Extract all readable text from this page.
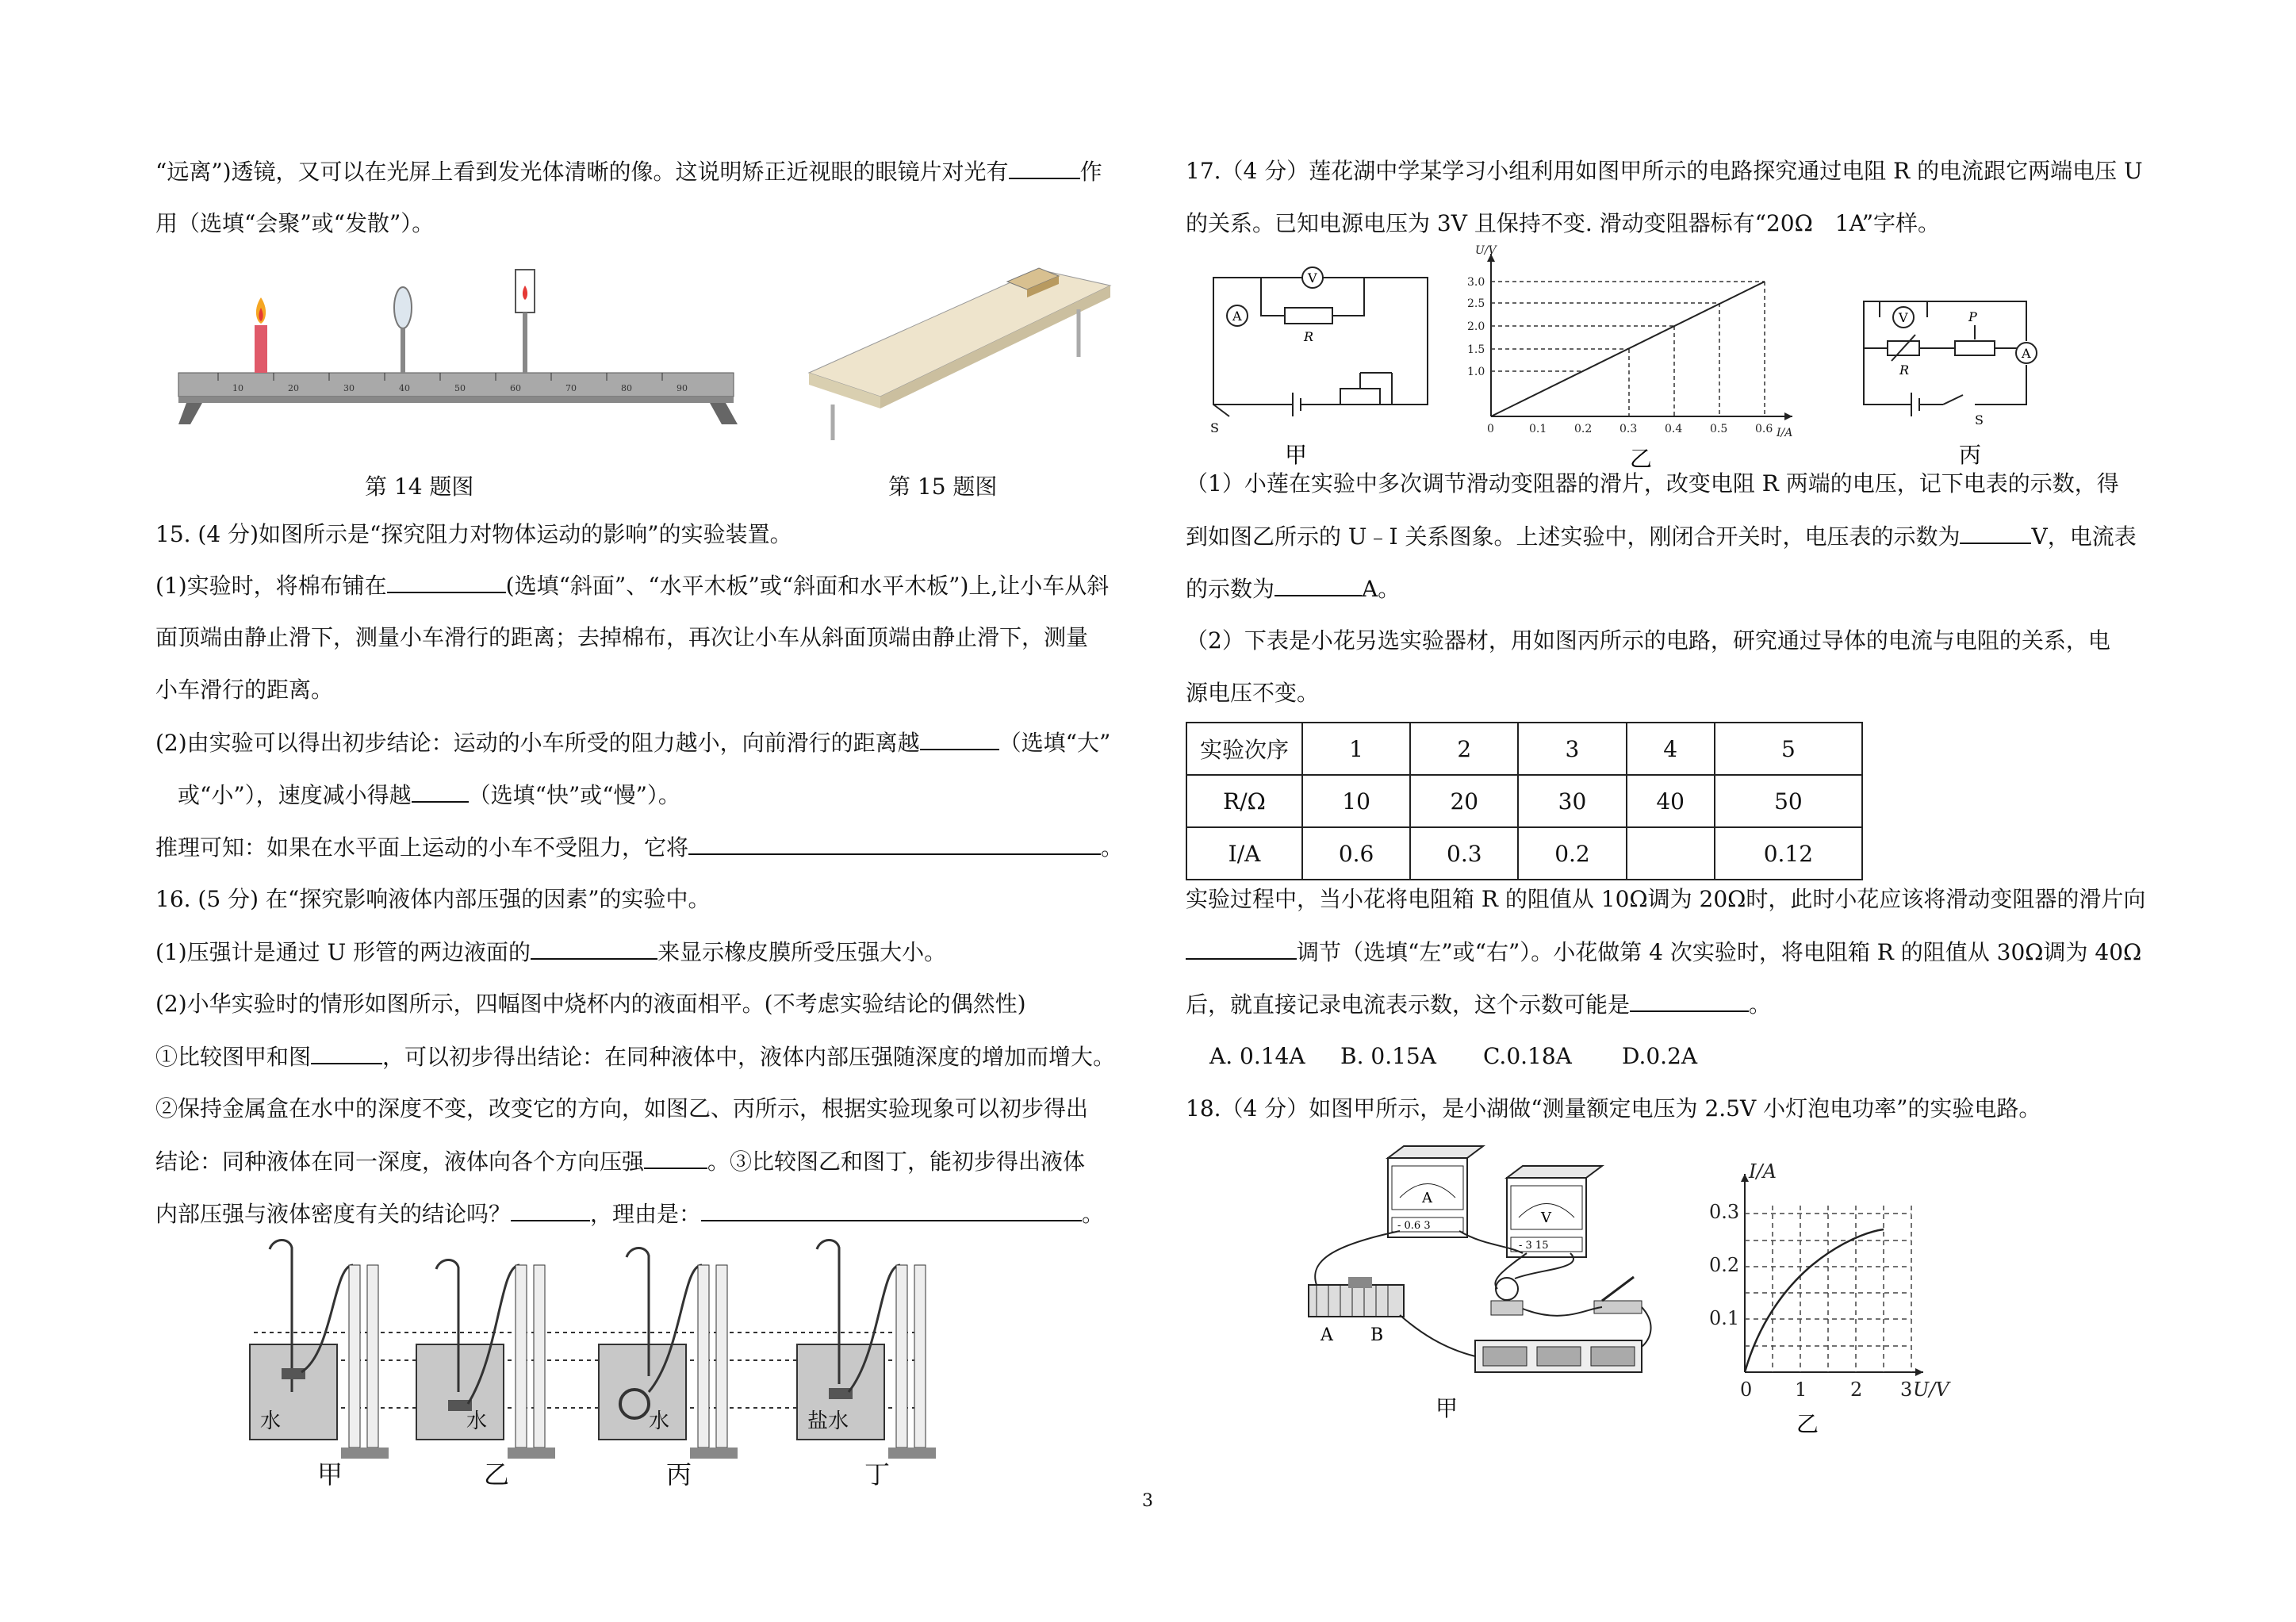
“远离”)透镜，又可以在光屏上看到发光体清晰的像。这说明矫正近视眼的眼镜片对光有	作
用（选填“会聚”或“发散”）。
10	20	30	40	50	60	70	80	90
第 14 题图	第 15 题图
15. (4 分)如图所示是“探究阻力对物体运动的影响”的实验装置。
(1)实验时，将棉布铺在	(选填“斜面”、“水平木板”或“斜面和水平木板”)上,让小车从斜
面顶端由静止滑下，测量小车滑行的距离；去掉棉布，再次让小车从斜面顶端由静止滑下，测量
小车滑行的距离。
(2)由实验可以得出初步结论：运动的小车所受的阻力越小，向前滑行的距离越	（选填“大”
或“小”），速度减小得越	（选填“快”或“慢”）。
推理可知：如果在水平面上运动的小车不受阻力，它将	。
16. (5 分) 在“探究影响液体内部压强的因素”的实验中。
(1)压强计是通过 U 形管的两边液面的	来显示橡皮膜所受压强大小。
(2)小华实验时的情形如图所示，四幅图中烧杯内的液面相平。(不考虑实验结论的偶然性)
①比较图甲和图	，可以初步得出结论：在同种液体中，液体内部压强随深度的增加而增大。
②保持金属盒在水中的深度不变，改变它的方向，如图乙、丙所示，根据实验现象可以初步得出
结论：同种液体在同一深度，液体向各个方向压强	。③比较图乙和图丁，能初步得出液体
内部压强与液体密度有关的结论吗？	，理由是：	。
水	水	水	盐水
甲	乙	丙	丁
17.（4 分）莲花湖中学某学习小组利用如图甲所示的电路探究通过电阻 R 的电流跟它两端电压 U
的关系。已知电源电压为 3V 且保持不变. 滑动变阻器标有“20Ω　1A”字样。
A
V
R
S
甲
U/V
I/A
1.0
1.5
2.0
2.5
3.0
0	0.1 0.2 0.3 0.4 0.5 0.6
乙
V
A
P
R
S
丙
（1）小莲在实验中多次调节滑动变阻器的滑片，改变电阻 R 两端的电压，记下电表的示数，得
到如图乙所示的 U﹣I 关系图象。上述实验中，刚闭合开关时，电压表的示数为	V，电流表
的示数为	A。
（2）下表是小花另选实验器材，用如图丙所示的电路，研究通过导体的电流与电阻的关系，电
源电压不变。
实验次序	1	2	3	4	5
R/Ω	10	20	30	40	50
I/A	0.6	0.3	0.2		0.12
实验过程中，当小花将电阻箱 R 的阻值从 10Ω调为 20Ω时，此时小花应该将滑动变阻器的滑片向
调节（选填“左”或“右”）。小花做第 4 次实验时，将电阻箱 R 的阻值从 30Ω调为 40Ω
后，就直接记录电流表示数，这个示数可能是	。
A. 0.14A B. 0.15A C.0.18A D.0.2A
18.（4 分）如图甲所示，是小湖做“测量额定电压为 2.5V 小灯泡电功率”的实验电路。
A
- 0.6 3	V
- 3 15
A B
甲
I/A
U/V
0.1
0.2
0.3
0 1 2 3
乙
3
